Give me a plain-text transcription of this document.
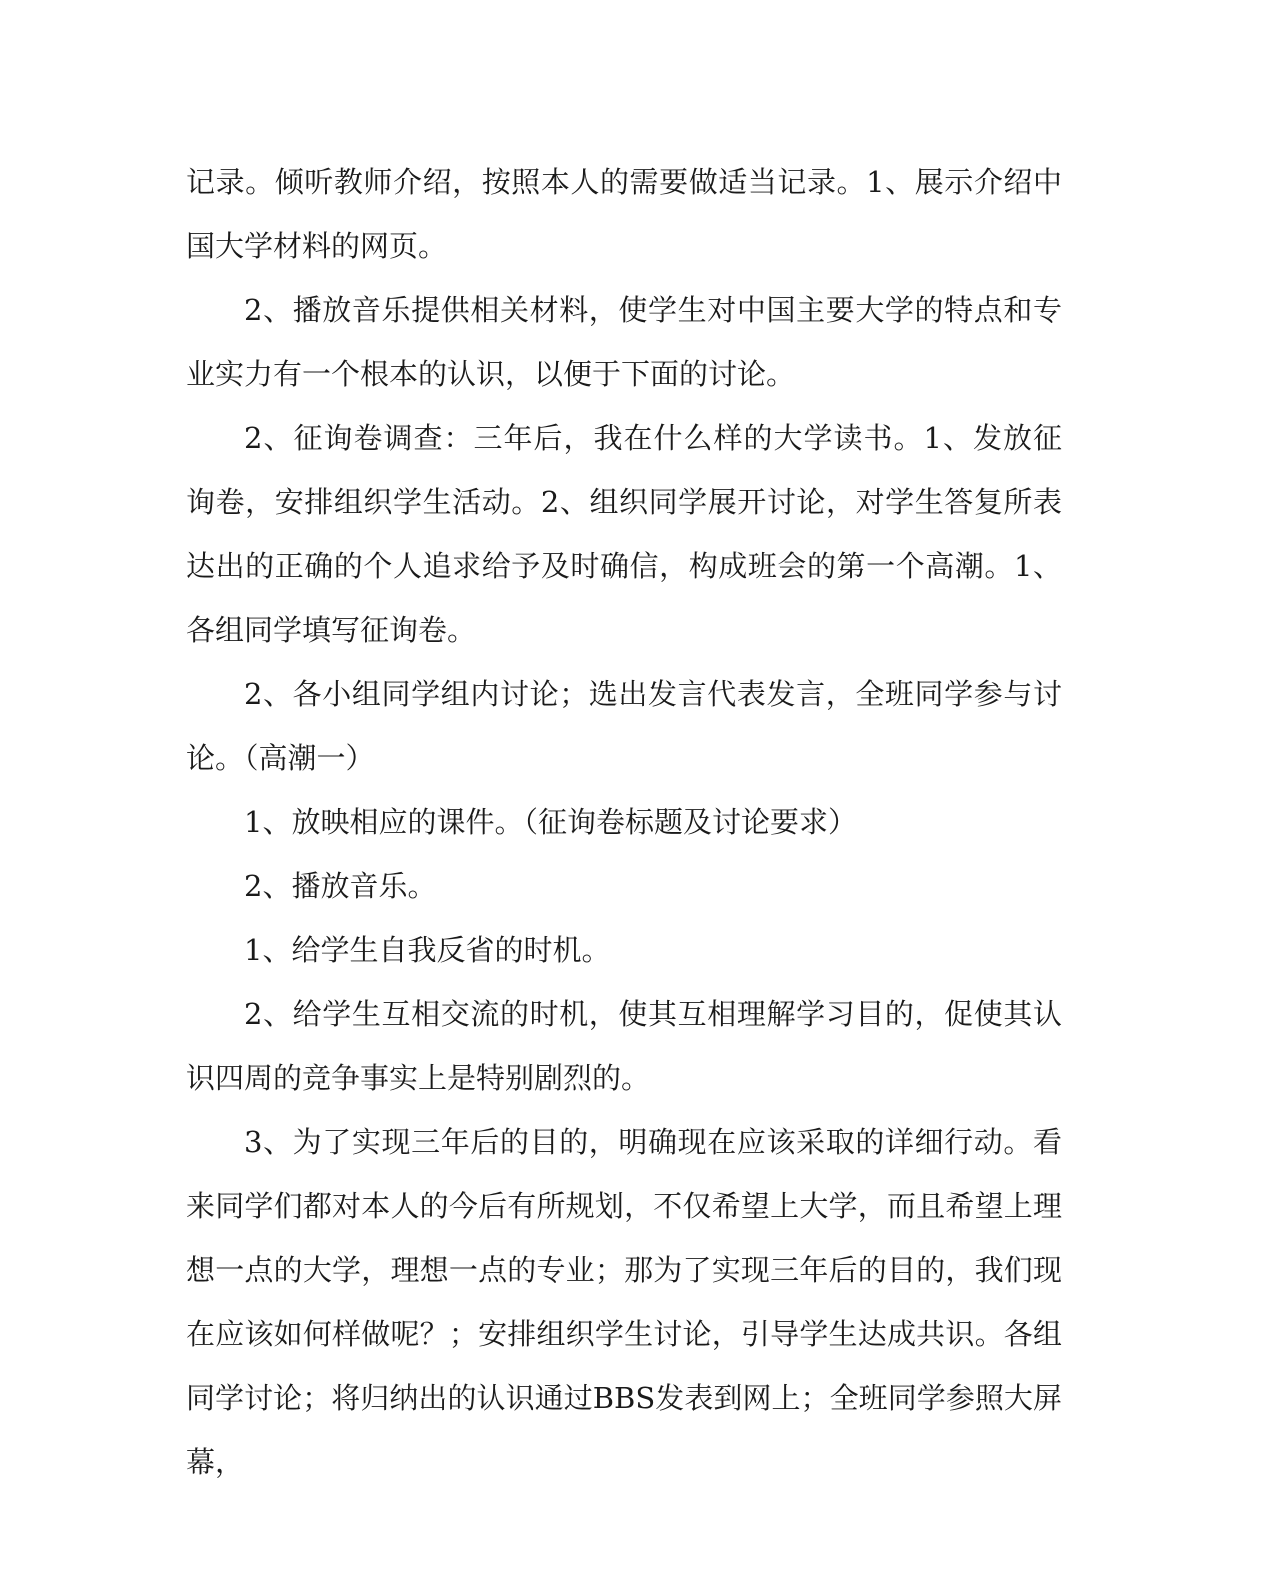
记录。倾听教师介绍，按照本人的需要做适当记录。1、展示介绍中国大学材料的网页。

2、播放音乐提供相关材料，使学生对中国主要大学的特点和专业实力有一个根本的认识，以便于下面的讨论。

2、征询卷调查：三年后，我在什么样的大学读书。1、发放征询卷，安排组织学生活动。2、组织同学展开讨论，对学生答复所表达出的正确的个人追求给予及时确信，构成班会的第一个高潮。1、各组同学填写征询卷。

2、各小组同学组内讨论；选出发言代表发言，全班同学参与讨论。（高潮一）

1、放映相应的课件。（征询卷标题及讨论要求）

2、播放音乐。

1、给学生自我反省的时机。

2、给学生互相交流的时机，使其互相理解学习目的，促使其认识四周的竞争事实上是特别剧烈的。

3、为了实现三年后的目的，明确现在应该采取的详细行动。看来同学们都对本人的今后有所规划，不仅希望上大学，而且希望上理想一点的大学，理想一点的专业；那为了实现三年后的目的，我们现在应该如何样做呢？；安排组织学生讨论，引导学生达成共识。各组同学讨论；将归纳出的认识通过BBS发表到网上；全班同学参照大屏幕，
